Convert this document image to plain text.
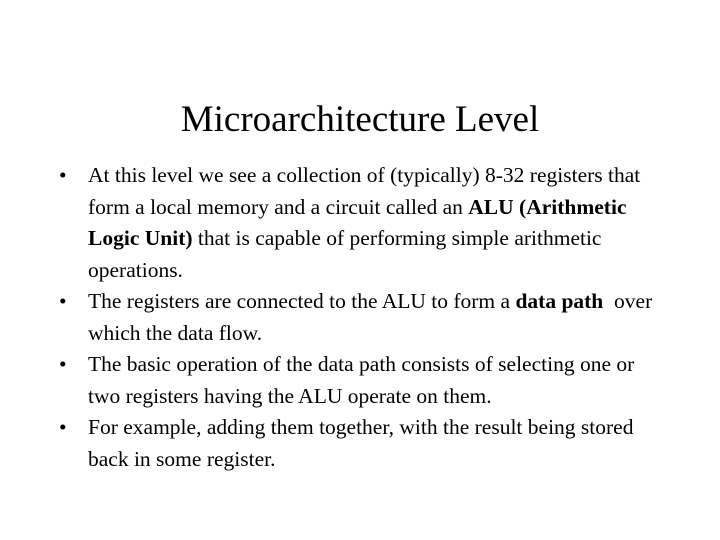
Microarchitecture Level
• At this level we see a collection of (typically) 8-32 registers that form a local memory and a circuit called an ALU (Arithmetic Logic Unit) that is capable of performing simple arithmetic operations.
• The registers are connected to the ALU to form a data path  over which the data flow.
• The basic operation of the data path consists of selecting one or two registers having the ALU operate on them.
• For example, adding them together, with the result being stored back in some register.
